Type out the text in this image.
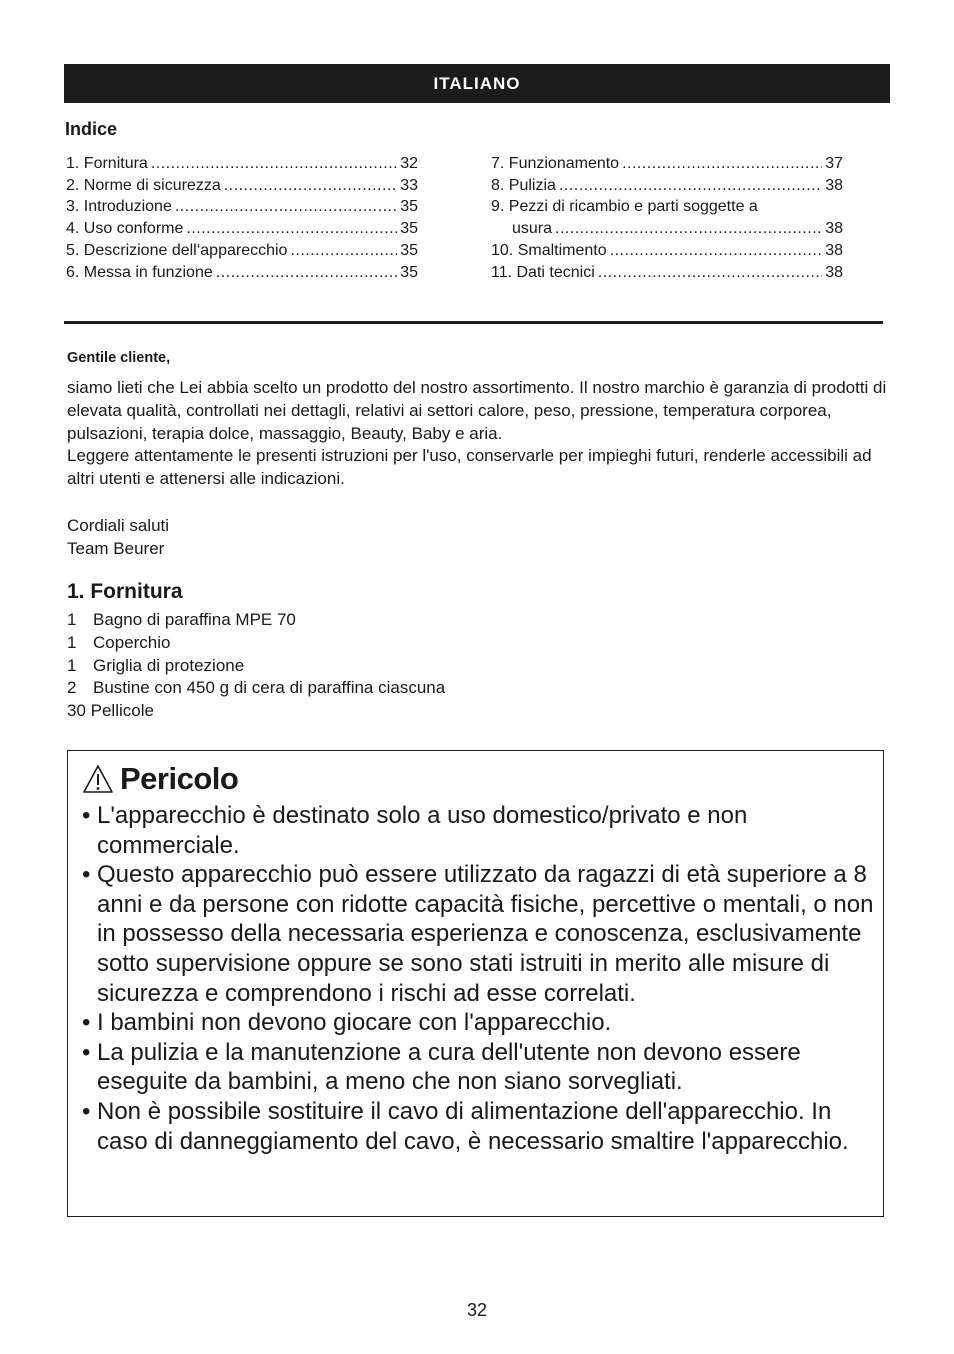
ITALIANO
Indice
1. Fornitura .....	32
2. Norme di sicurezza .....	33
3. Introduzione .....	35
4. Uso conforme .....	35
5. Descrizione dell‘apparecchio .....	35
6. Messa in funzione .....	35
7. Funzionamento .....	37
8. Pulizia .....	38
9. Pezzi di ricambio e parti soggette a
usura .....	38
10. Smaltimento .....	38
11. Dati tecnici .....	38
Gentile cliente,

siamo lieti che Lei abbia scelto un prodotto del nostro assortimento. Il nostro marchio è garanzia di prodotti di elevata qualità, controllati nei dettagli, relativi ai settori calore, peso, pressione, temperatura corporea, pulsazioni, terapia dolce, massaggio, Beauty, Baby e aria.

Leggere attentamente le presenti istruzioni per l'uso, conservarle per impieghi futuri, renderle accessibili ad altri utenti e attenersi alle indicazioni.

Cordiali saluti
Team Beurer
1. Fornitura
1 Bagno di paraffina MPE 70
1 Coperchio
1 Griglia di protezione
2 Bustine con 450 g di cera di paraffina ciascuna
30 Pellicole
Pericolo
• L'apparecchio è destinato solo a uso domestico/privato e non commerciale.
• Questo apparecchio può essere utilizzato da ragazzi di età superiore a 8 anni e da persone con ridotte capacità fisiche, percettive o mentali, o non in possesso della necessaria esperienza e conoscenza, esclusivamente sotto supervisione oppure se sono stati istruiti in merito alle misure di sicurezza e comprendono i rischi ad esse correlati.
• I bambini non devono giocare con l'apparecchio.
• La pulizia e la manutenzione a cura dell'utente non devono essere eseguite da bambini, a meno che non siano sorvegliati.
• Non è possibile sostituire il cavo di alimentazione dell'apparecchio. In caso di danneggiamento del cavo, è necessario smaltire l'apparecchio.
32
